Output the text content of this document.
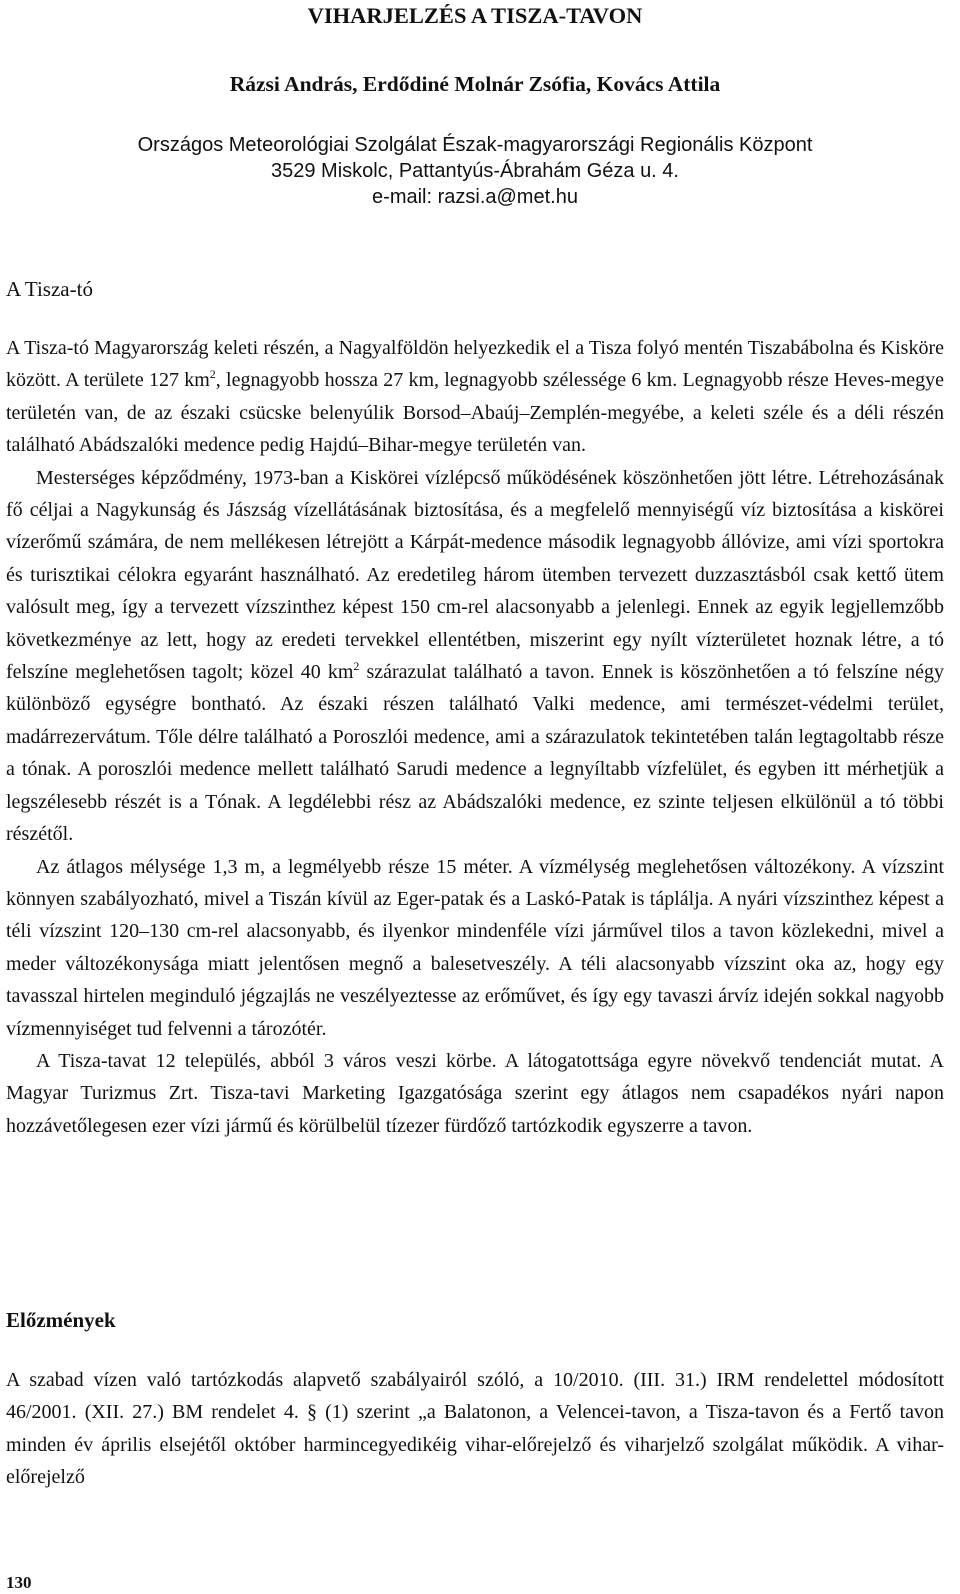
VIHARJELZÉS A TISZA-TAVON
Rázsi András, Erdődiné Molnár Zsófia, Kovács Attila
Országos Meteorológiai Szolgálat Észak-magyarországi Regionális Központ
3529 Miskolc, Pattantyús-Ábrahám Géza u. 4.
e-mail: razsi.a@met.hu
A Tisza-tó

A Tisza-tó Magyarország keleti részén, a Nagyalföldön helyezkedik el a Tisza folyó mentén Tiszabábolna és Kisköre között. A területe 127 $km^2$, legnagyobb hossza 27 km, legnagyobb szélessége 6 km. Legnagyobb része Heves-megye területén van, de az északi csücske belenyúlik Borsod–Abaúj–Zemplén-megyébe, a keleti széle és a déli részén található Abádszalóki medence pedig Hajdú–Bihar-megye területén van.

Mesterséges képződmény, 1973-ban a Kiskörei vízlépcső működésének köszönhetően jött létre. Létrehozásának fő céljai a Nagykunság és Jászság vízellátásának biztosítása, és a megfelelő mennyiségű víz biztosítása a kiskörei vízerőmű számára, de nem mellékesen létrejött a Kárpát-medence második legnagyobb állóvize, ami vízi sportokra és turisztikai célokra egyaránt használható. Az eredetileg három ütemben tervezett duzzasztásból csak kettő ütem valósult meg, így a tervezett vízszinthez képest 150 cm-rel alacsonyabb a jelenlegi. Ennek az egyik legjellemzőbb következménye az lett, hogy az eredeti tervekkel ellentétben, miszerint egy nyílt vízterületet hoznak létre, a tó felszíne meglehetősen tagolt; közel 40 $km^2$ szárazulat található a tavon. Ennek is köszönhetően a tó felszíne négy különböző egységre bontható. Az északi részen található Valki medence, ami természet-védelmi terület, madárrezervátum. Tőle délre található a Poroszlói medence, ami a szárazulatok tekintetében talán legtagoltabb része a tónak. A poroszlói medence mellett található Sarudi medence a legnyíltabb vízfelület, és egyben itt mérhetjük a legszélesebb részét is a Tónak. A legdélebbi rész az Abádszalóki medence, ez szinte teljesen elkülönül a tó többi részétől.

Az átlagos mélysége 1,3 m, a legmélyebb része 15 méter. A vízmélység meglehetősen változékony. A vízszint könnyen szabályozható, mivel a Tiszán kívül az Eger-patak és a Laskó-Patak is táplálja. A nyári vízszinthez képest a téli vízszint 120–130 cm-rel alacsonyabb, és ilyenkor mindenféle vízi járművel tilos a tavon közlekedni, mivel a meder változékonysága miatt jelentősen megnő a balesetveszély. A téli alacsonyabb vízszint oka az, hogy egy tavasszal hirtelen meginduló jégzajlás ne veszélyeztesse az erőművet, és így egy tavaszi árvíz idején sokkal nagyobb vízmennyiséget tud felvenni a tározótér.

A Tisza-tavat 12 település, abból 3 város veszi körbe. A látogatottsága egyre növekvő tendenciát mutat. A Magyar Turizmus Zrt. Tisza-tavi Marketing Igazgatósága szerint egy átlagos nem csapadékos nyári napon hozzávetőlegesen ezer vízi jármű és körülbelül tízezer fürdőző tartózkodik egyszerre a tavon.

Előzmények

A szabad vízen való tartózkodás alapvető szabályairól szóló, a 10/2010. (III. 31.) IRM rendelettel módosított 46/2001. (XII. 27.) BM rendelet 4. § (1) szerint „a Balatonon, a Velencei-tavon, a Tisza-tavon és a Fertő tavon minden év április elsejétől október harmincegyedikéig vihar-előrejelző és viharjelző szolgálat működik. A vihar-előrejelző

130
